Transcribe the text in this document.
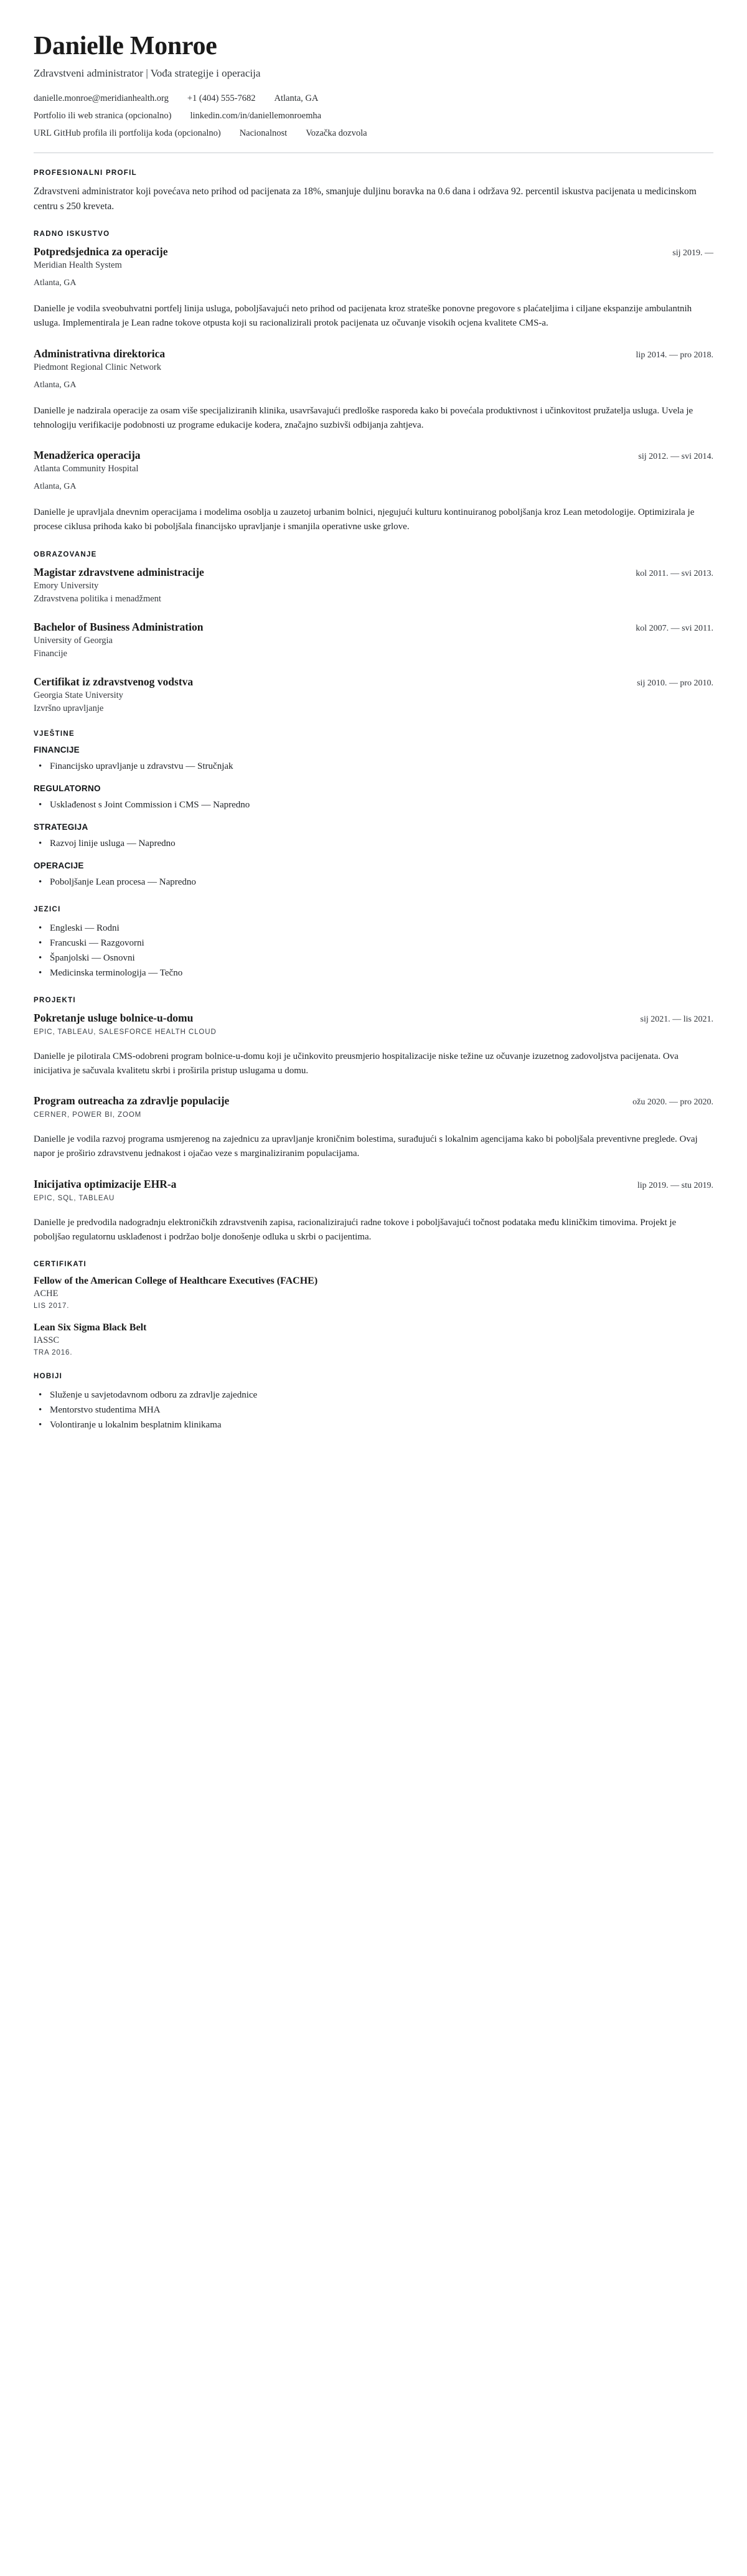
Danielle Monroe
Zdravstveni administrator | Vođa strategije i operacija
danielle.monroe@meridianhealth.org +1 (404) 555-7682 Atlanta, GA
Portfolio ili web stranica (opcionalno) linkedin.com/in/daniellemonroemha
URL GitHub profila ili portfolija koda (opcionalno) Nacionalnost Vozačka dozvola
PROFESIONALNI PROFIL

Zdravstveni administrator koji povećava neto prihod od pacijenata za 18%, smanjuje duljinu boravka na 0.6 dana i održava 92. percentil iskustva pacijenata u medicinskom centru s 250 kreveta.

RADNO ISKUSTVO
Potpredsjednica za operacije	sij 2019. —

Meridian Health System

Atlanta, GA

Danielle je vodila sveobuhvatni portfelj linija usluga, poboljšavajući neto prihod od pacijenata kroz strateške ponovne pregovore s plaćateljima i ciljane ekspanzije ambulantnih usluga. Implementirala je Lean radne tokove otpusta koji su racionalizirali protok pacijenata uz očuvanje visokih ocjena kvalitete CMS-a.

Administrativna direktorica	lip 2014. — pro 2018.

Piedmont Regional Clinic Network

Atlanta, GA

Danielle je nadzirala operacije za osam više specijaliziranih klinika, usavršavajući predloške rasporeda kako bi povećala produktivnost i učinkovitost pružatelja usluga. Uvela je tehnologiju verifikacije podobnosti uz programe edukacije kodera, značajno suzbivši odbijanja zahtjeva.

Menadžerica operacija	sij 2012. — svi 2014.

Atlanta Community Hospital

Atlanta, GA

Danielle je upravljala dnevnim operacijama i modelima osoblja u zauzetoj urbanim bolnici, njegujući kulturu kontinuiranog poboljšanja kroz Lean metodologije. Optimizirala je procese ciklusa prihoda kako bi poboljšala financijsko upravljanje i smanjila operativne uske grlove.

OBRAZOVANJE
Magistar zdravstvene administracije	kol 2011. — svi 2013.

Emory University

Zdravstvena politika i menadžment

Bachelor of Business Administration	kol 2007. — svi 2011.

University of Georgia

Financije

Certifikat iz zdravstvenog vodstva	sij 2010. — pro 2010.

Georgia State University

Izvršno upravljanje

VJEŠTINE
FINANCIJE
• Financijsko upravljanje u zdravstvu — Stručnjak
REGULATORNO
• Usklađenost s Joint Commission i CMS — Napredno
STRATEGIJA
• Razvoj linije usluga — Napredno
OPERACIJE
• Poboljšanje Lean procesa — Napredno
JEZICI
• Engleski — Rodni
• Francuski — Razgovorni
• Španjolski — Osnovni
• Medicinska terminologija — Tečno
PROJEKTI
Pokretanje usluge bolnice-u-domu	sij 2021. — lis 2021.

EPIC, TABLEAU, SALESFORCE HEALTH CLOUD

Danielle je pilotirala CMS-odobreni program bolnice-u-domu koji je učinkovito preusmjerio hospitalizacije niske težine uz očuvanje izuzetnog zadovoljstva pacijenata. Ova inicijativa je sačuvala kvalitetu skrbi i proširila pristup uslugama u domu.

Program outreacha za zdravlje populacije	ožu 2020. — pro 2020.

CERNER, POWER BI, ZOOM

Danielle je vodila razvoj programa usmjerenog na zajednicu za upravljanje kroničnim bolestima, surađujući s lokalnim agencijama kako bi poboljšala preventivne preglede. Ovaj napor je proširio zdravstvenu jednakost i ojačao veze s marginaliziranim populacijama.

Inicijativa optimizacije EHR-a	lip 2019. — stu 2019.

EPIC, SQL, TABLEAU

Danielle je predvodila nadogradnju elektroničkih zdravstvenih zapisa, racionalizirajući radne tokove i poboljšavajući točnost podataka među kliničkim timovima. Projekt je poboljšao regulatornu usklađenost i podržao bolje donošenje odluka u skrbi o pacijentima.

CERTIFIKATI

Fellow of the American College of Healthcare Executives (FACHE)

ACHE

LIS 2017.

Lean Six Sigma Black Belt

IASSC

TRA 2016.

HOBIJI
• Služenje u savjetodavnom odboru za zdravlje zajednice
• Mentorstvo studentima MHA
• Volontiranje u lokalnim besplatnim klinikama
